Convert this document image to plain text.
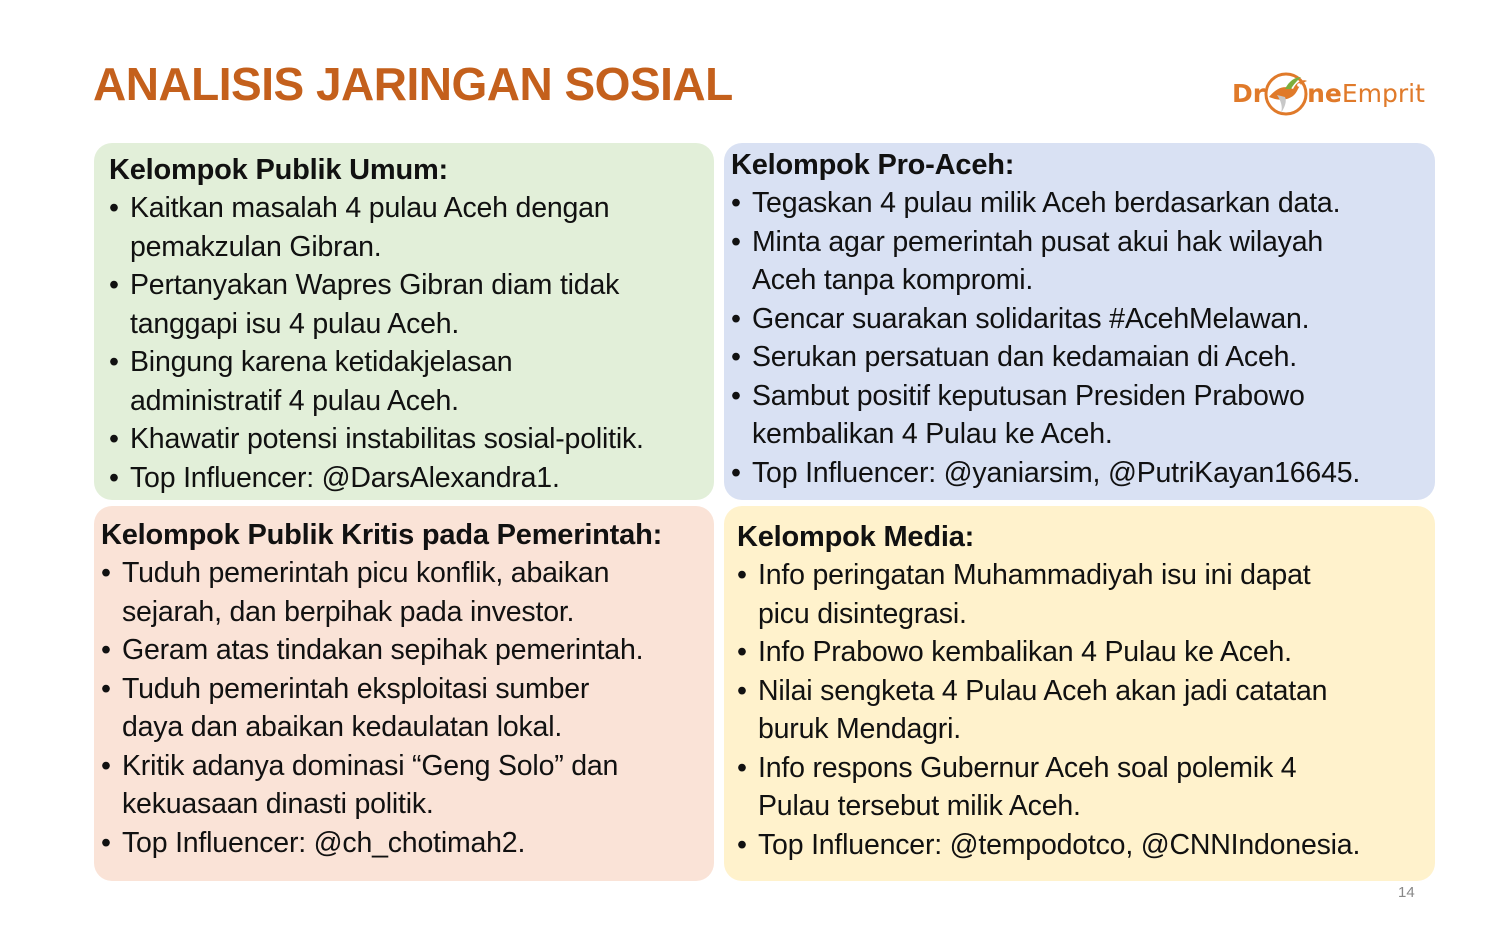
ANALISIS JARINGAN SOSIAL	Dr ne Emprit
Kelompok Publik Umum:
• Kaitkan masalah 4 pulau Aceh dengan
pemakzulan Gibran.
• Pertanyakan Wapres Gibran diam tidak
tanggapi isu 4 pulau Aceh.
• Bingung karena ketidakjelasan
administratif 4 pulau Aceh.
• Khawatir potensi instabilitas sosial-politik.
• Top Influencer: @DarsAlexandra1.
Kelompok Pro-Aceh:
• Tegaskan 4 pulau milik Aceh berdasarkan data.
• Minta agar pemerintah pusat akui hak wilayah
Aceh tanpa kompromi.
• Gencar suarakan solidaritas #AcehMelawan.
• Serukan persatuan dan kedamaian di Aceh.
• Sambut positif keputusan Presiden Prabowo
kembalikan 4 Pulau ke Aceh.
• Top Influencer: @yaniarsim, @PutriKayan16645.
Kelompok Publik Kritis pada Pemerintah:
• Tuduh pemerintah picu konflik, abaikan
sejarah, dan berpihak pada investor.
• Geram atas tindakan sepihak pemerintah.
• Tuduh pemerintah eksploitasi sumber
daya dan abaikan kedaulatan lokal.
• Kritik adanya dominasi “Geng Solo” dan
kekuasaan dinasti politik.
• Top Influencer: @ch_chotimah2.
Kelompok Media:
• Info peringatan Muhammadiyah isu ini dapat
picu disintegrasi.
• Info Prabowo kembalikan 4 Pulau ke Aceh.
• Nilai sengketa 4 Pulau Aceh akan jadi catatan
buruk Mendagri.
• Info respons Gubernur Aceh soal polemik 4
Pulau tersebut milik Aceh.
• Top Influencer: @tempodotco, @CNNIndonesia.
14
